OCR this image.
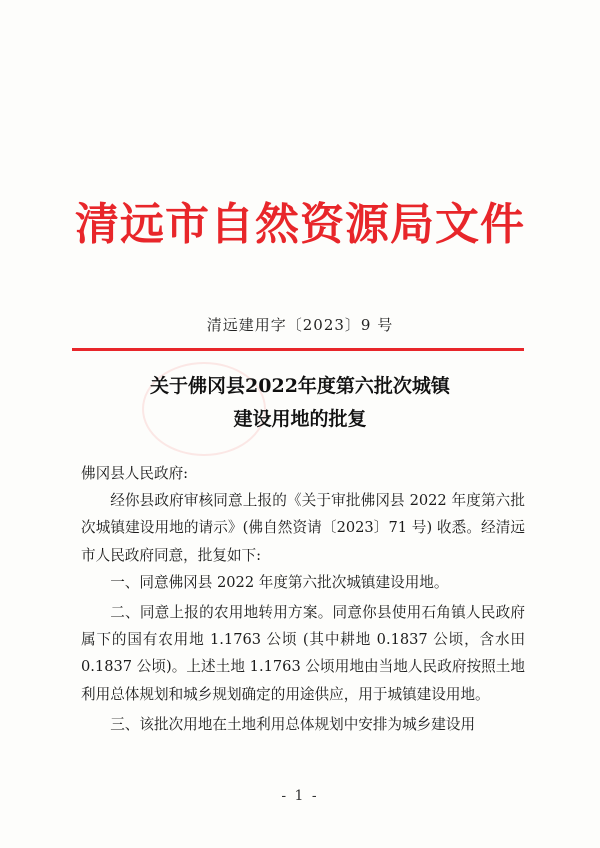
清远市自然资源局文件
清远建用字〔2023〕9 号
关于佛冈县2022年度第六批次城镇
建设用地的批复

佛冈县人民政府:

经你县政府审核同意上报的《关于审批佛冈县 2022 年度第六批次城镇建设用地的请示》(佛自然资请〔2023〕71 号) 收悉。经清远市人民政府同意，批复如下:

一、同意佛冈县 2022 年度第六批次城镇建设用地。

二、同意上报的农用地转用方案。同意你县使用石角镇人民政府属下的国有农用地 1.1763 公顷 (其中耕地 0.1837 公顷，含水田 0.1837 公顷)。上述土地 1.1763 公顷用地由当地人民政府按照土地利用总体规划和城乡规划确定的用途供应，用于城镇建设用地。

三、该批次用地在土地利用总体规划中安排为城乡建设用

- 1 -
